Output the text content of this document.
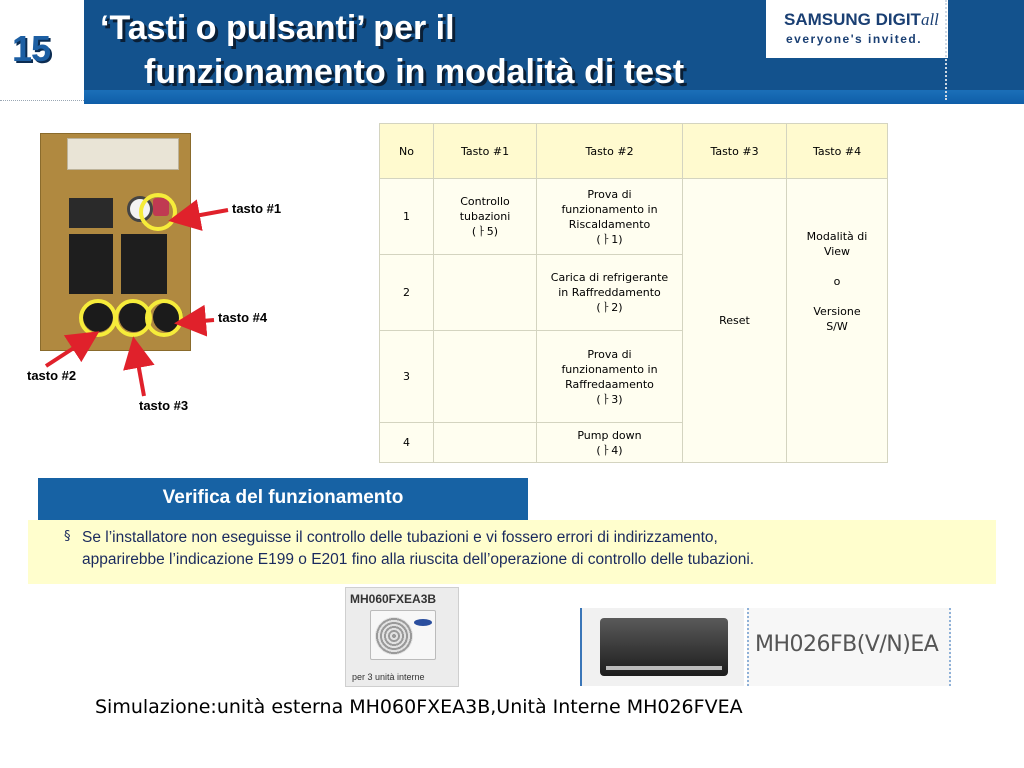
15 ‘Tasti o pulsanti’ per il
funzionamento in modalità di test
SAMSUNG DIGITall
everyone's invited.
tasto #1
tasto #4
tasto #2
tasto #3
No	Tasto #1	Tasto #2	Tasto #3	Tasto #4
1	Controllo
tubazioni
(ㅏ5)	Prova di
funzionamento in
Riscaldamento
(ㅏ1)	Reset	Modalità di
View
o
Versione
S/W

2		Carica di refrigerante
in Raffreddamento
(ㅏ2)		

3		Prova di
funzionamento in
Raffredaamento
(ㅏ3)		

4		Pump down
(ㅏ4)		
Verifica del funzionamento
§ Se l’installatore non eseguisse il controllo delle tubazioni e vi fossero errori di indirizzamento,
apparirebbe l’indicazione E199 o E201 fino alla riuscita dell’operazione di controllo delle tubazioni.
MH060FXEA3B
per 3 unità interne
MH026FB(V/N)EA
Simulazione:unità esterna MH060FXEA3B,Unità Interne MH026FVEA
